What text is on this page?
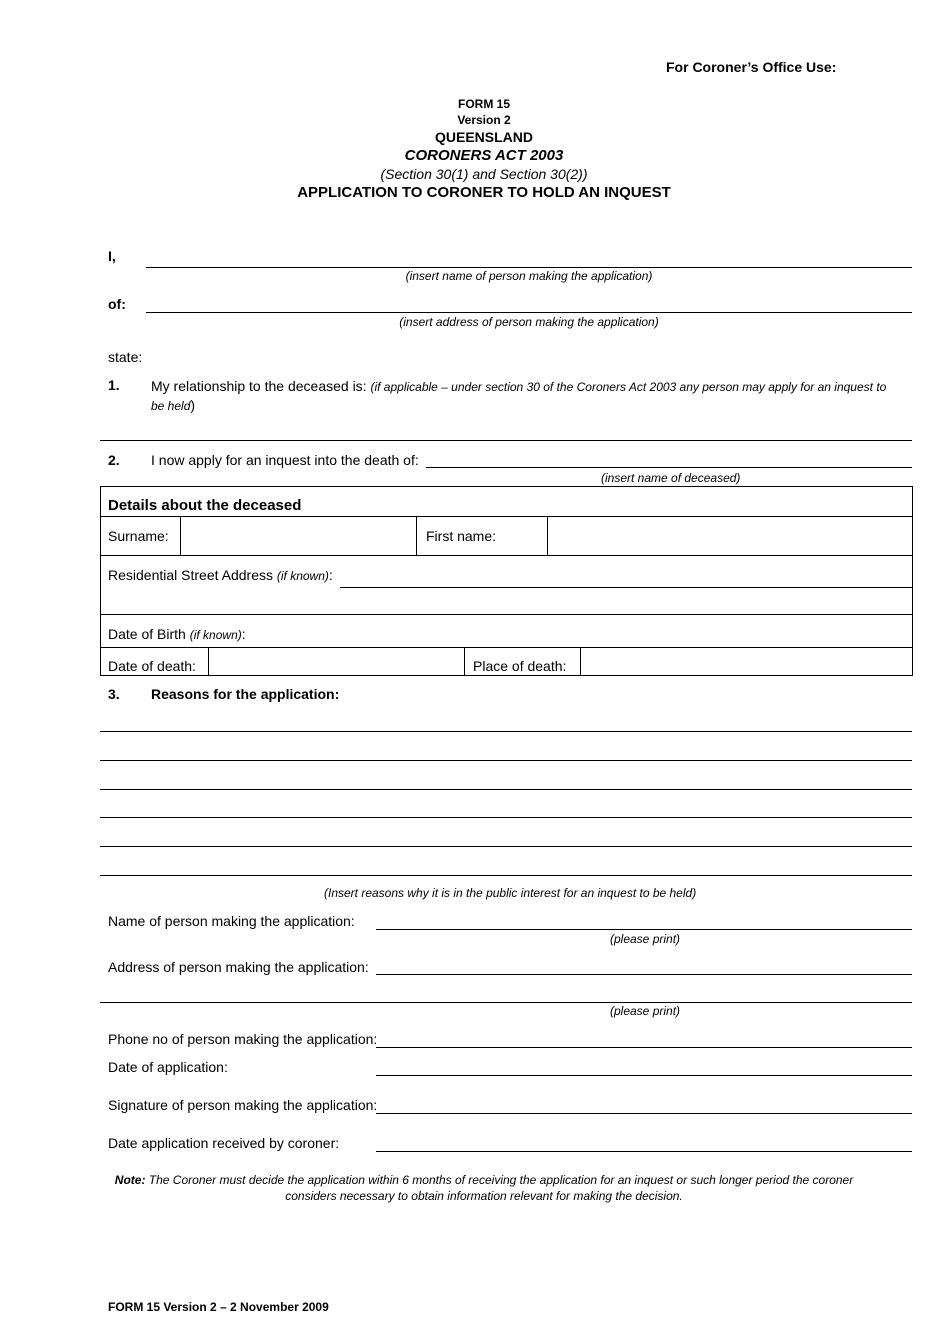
For Coroner’s Office Use:
FORM 15
Version 2
QUEENSLAND
CORONERS ACT 2003
(Section 30(1) and Section 30(2))
APPLICATION TO CORONER TO HOLD AN INQUEST
I,
(insert name of person making the application)
of:
(insert address of person making the application)
state:
1. My relationship to the deceased is: (if applicable – under section 30 of the Coroners Act 2003 any person may apply for an inquest to be held)
2. I now apply for an inquest into the death of:
(insert name of deceased)
Details about the deceased
Surname:	First name:
Residential Street Address (if known):
Date of Birth (if known):
Date of death:	Place of death:
3. Reasons for the application:
(Insert reasons why it is in the public interest for an inquest to be held)
Name of person making the application:
(please print)
Address of person making the application:
(please print)
Phone no of person making the application:
Date of application:
Signature of person making the application:
Date application received by coroner:
Note: The Coroner must decide the application within 6 months of receiving the application for an inquest or such longer period the coroner
considers necessary to obtain information relevant for making the decision.
FORM 15 Version 2 – 2 November 2009
